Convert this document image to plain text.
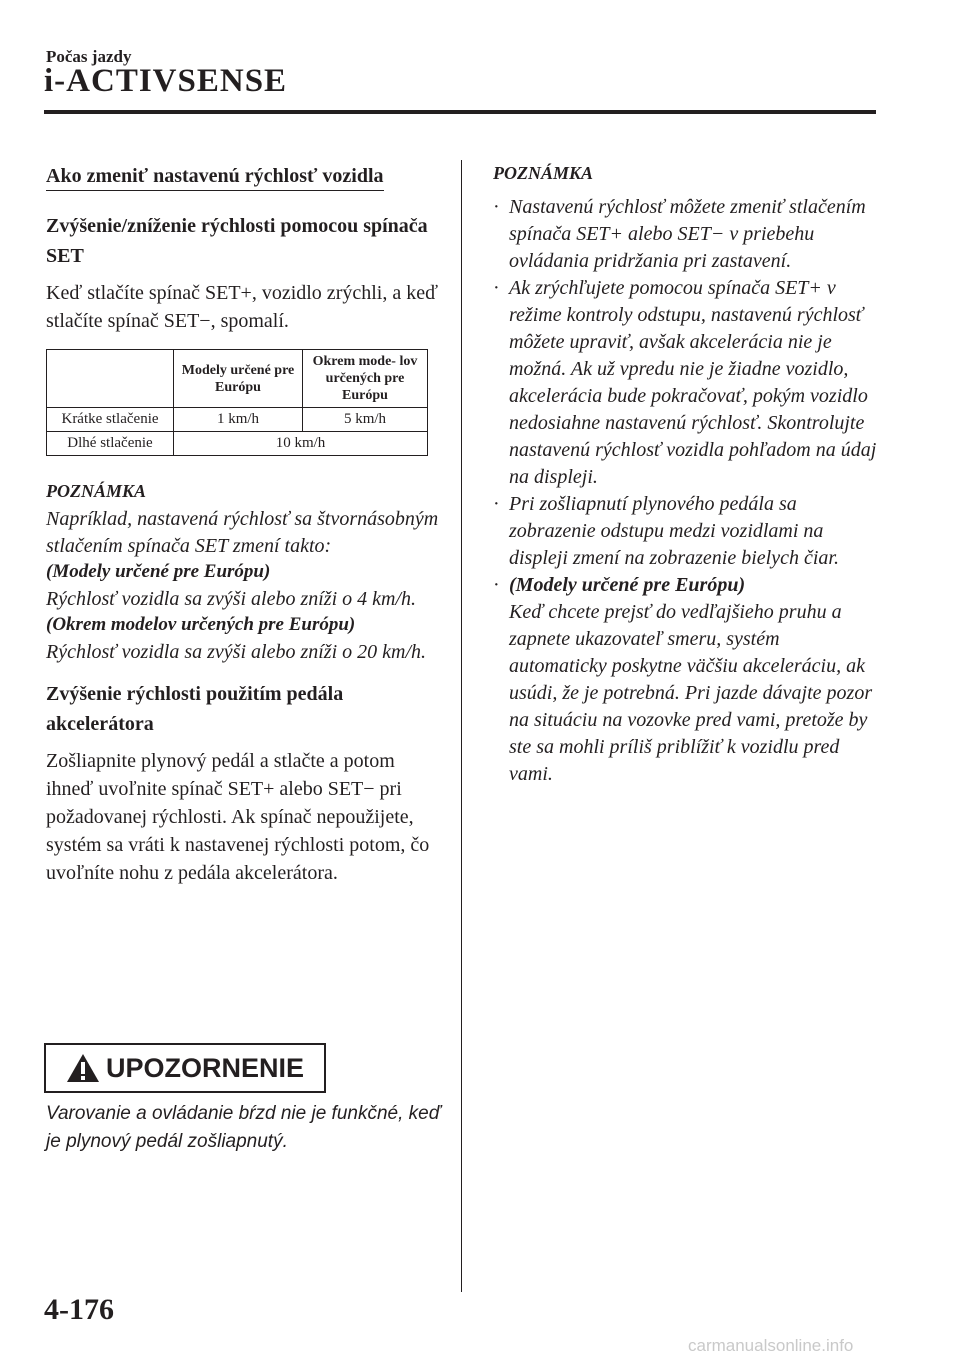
Počas jazdy
i-ACTIVSENSE
Ako zmeniť nastavenú rýchlosť vozidla
Zvýšenie/zníženie rýchlosti pomocou spínača SET

Keď stlačíte spínač SET+, vozidlo zrýchli, a keď stlačíte spínač SET−, spomalí.

	Modely určené pre Európu	Okrem mode- lov určených pre Európu
Krátke stlačenie	1 km/h	5 km/h
Dlhé stlačenie	10 km/h	
POZNÁMKA
Napríklad, nastavená rýchlosť sa štvornásobným stlačením spínača SET zmení takto:
(Modely určené pre Európu)
Rýchlosť vozidla sa zvýši alebo zníži o 4 km/h.
(Okrem modelov určených pre Európu)
Rýchlosť vozidla sa zvýši alebo zníži o 20 km/h.
Zvýšenie rýchlosti použitím pedála akcelerátora

Zošliapnite plynový pedál a stlačte a potom ihneď uvoľnite spínač SET+ alebo SET− pri požadovanej rýchlosti. Ak spínač nepoužijete, systém sa vráti k nastavenej rýchlosti potom, čo uvoľníte nohu z pedála akcelerátora.

UPOZORNENIE
Varovanie a ovládanie bŕzd nie je funkčné, keď je plynový pedál zošliapnutý.
POZNÁMKA
· Nastavenú rýchlosť môžete zmeniť stlačením spínača SET+ alebo SET− v priebehu ovládania pridržania pri zastavení.
· Ak zrýchľujete pomocou spínača SET+ v režime kontroly odstupu, nastavenú rýchlosť môžete upraviť, avšak akcelerácia nie je možná. Ak už vpredu nie je žiadne vozidlo, akcelerácia bude pokračovať, pokým vozidlo nedosiahne nastavenú rýchlosť. Skontrolujte nastavenú rýchlosť vozidla pohľadom na údaj na displeji.
· Pri zošliapnutí plynového pedála sa zobrazenie odstupu medzi vozidlami na displeji zmení na zobrazenie bielych čiar.
· (Modely určené pre Európu)
Keď chcete prejsť do vedľajšieho pruhu a zapnete ukazovateľ smeru, systém automaticky poskytne väčšiu akceleráciu, ak usúdi, že je potrebná. Pri jazde dávajte pozor na situáciu na vozovke pred vami, pretože by ste sa mohli príliš priblížiť k vozidlu pred vami.
4-176
carmanualsonline.info
